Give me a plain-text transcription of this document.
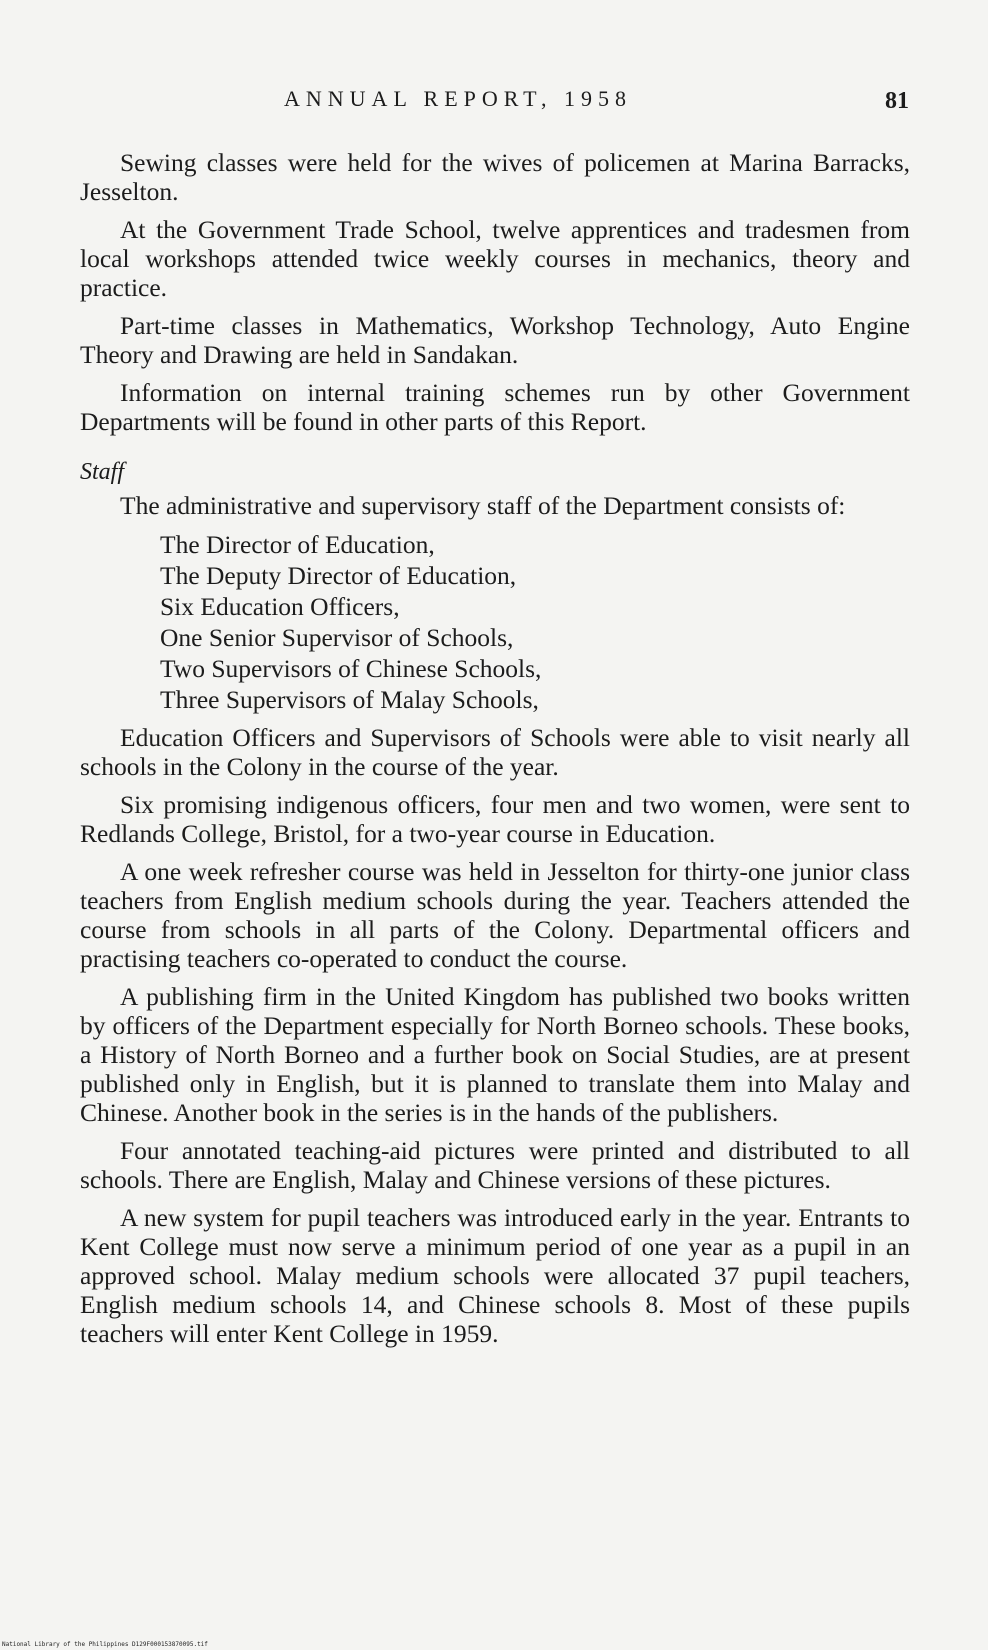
ANNUAL REPORT, 1958	81

Sewing classes were held for the wives of policemen at Marina Barracks, Jesselton.

At the Government Trade School, twelve apprentices and tradesmen from local workshops attended twice weekly courses in mechanics, theory and practice.

Part-time classes in Mathematics, Workshop Technology, Auto Engine Theory and Drawing are held in Sandakan.

Information on internal training schemes run by other Government Departments will be found in other parts of this Report.

Staff

The administrative and supervisory staff of the Department consists of:

The Director of Education,
The Deputy Director of Education,
Six Education Officers,
One Senior Supervisor of Schools,
Two Supervisors of Chinese Schools,
Three Supervisors of Malay Schools,

Education Officers and Supervisors of Schools were able to visit nearly all schools in the Colony in the course of the year.

Six promising indigenous officers, four men and two women, were sent to Redlands College, Bristol, for a two-year course in Education.

A one week refresher course was held in Jesselton for thirty-one junior class teachers from English medium schools during the year. Teachers attended the course from schools in all parts of the Colony. Departmental officers and practising teachers co-operated to conduct the course.

A publishing firm in the United Kingdom has published two books written by officers of the Department especially for North Borneo schools. These books, a History of North Borneo and a further book on Social Studies, are at present published only in English, but it is planned to translate them into Malay and Chinese. Another book in the series is in the hands of the publishers.

Four annotated teaching-aid pictures were printed and distributed to all schools. There are English, Malay and Chinese versions of these pictures.

A new system for pupil teachers was introduced early in the year. Entrants to Kent College must now serve a minimum period of one year as a pupil in an approved school. Malay medium schools were allocated 37 pupil teachers, English medium schools 14, and Chinese schools 8. Most of these pupils teachers will enter Kent College in 1959.

National Library of the Philippines D129F000153870095.tif
